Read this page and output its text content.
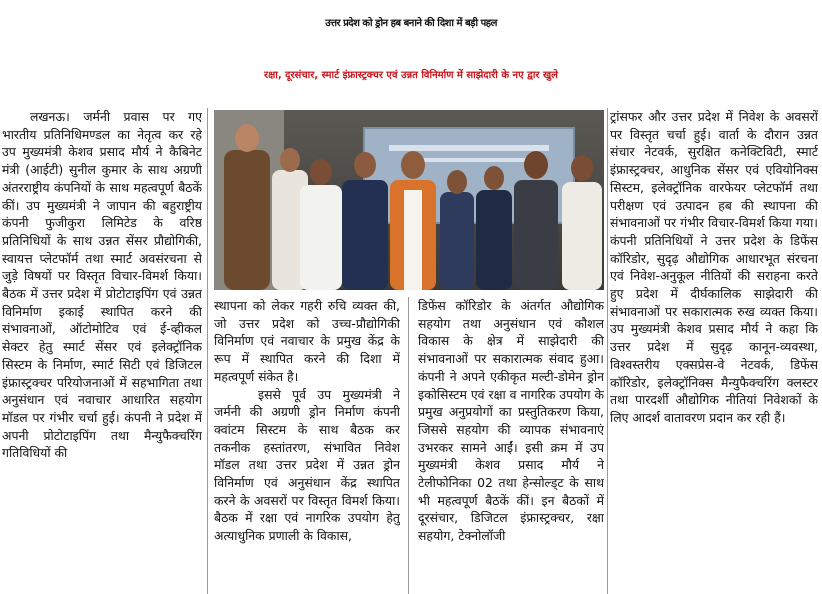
उत्तर प्रदेश को ड्रोन हब बनाने की दिशा में बड़ी पहल
रक्षा, दूरसंचार, स्मार्ट इंफ्रास्ट्रक्चर एवं उन्नत विनिर्माण में साझेदारी के नए द्वार खुले

लखनऊ। जर्मनी प्रवास पर गए भारतीय प्रतिनिधिमण्डल का नेतृत्व कर रहे उप मुख्यमंत्री केशव प्रसाद मौर्य ने कैबिनेट मंत्री (आईटी) सुनील कुमार के साथ अग्रणी अंतरराष्ट्रीय कंपनियों के साथ महत्वपूर्ण बैठकें कीं। उप मुख्यमंत्री ने जापान की बहुराष्ट्रीय कंपनी फुजीकुरा लिमिटेड के वरिष्ठ प्रतिनिधियों के साथ उन्नत सेंसर प्रौद्योगिकी, स्वायत्त प्लेटफॉर्म तथा स्मार्ट अवसंरचना से जुड़े विषयों पर विस्तृत विचार-विमर्श किया। बैठक में उत्तर प्रदेश में प्रोटोटाइपिंग एवं उन्नत विनिर्माण इकाई स्थापित करने की संभावनाओं, ऑटोमोटिव एवं ई-व्हीकल सेक्टर हेतु स्मार्ट सेंसर एवं इलेक्ट्रॉनिक सिस्टम के निर्माण, स्मार्ट सिटी एवं डिजिटल इंफ्रास्ट्रक्चर परियोजनाओं में सहभागिता तथा अनुसंधान एवं नवाचार आधारित सहयोग मॉडल पर गंभीर चर्चा हुई। कंपनी ने प्रदेश में अपनी प्रोटोटाइपिंग तथा मैन्युफैक्चरिंग गतिविधियों की

स्थापना को लेकर गहरी रुचि व्यक्त की, जो उत्तर प्रदेश को उच्च-प्रौद्योगिकी विनिर्माण एवं नवाचार के प्रमुख केंद्र के रूप में स्थापित करने की दिशा में महत्वपूर्ण संकेत है।

इससे पूर्व उप मुख्यमंत्री ने जर्मनी की अग्रणी ड्रोन निर्माण कंपनी क्वांटम सिस्टम के साथ बैठक कर तकनीक हस्तांतरण, संभावित निवेश मॉडल तथा उत्तर प्रदेश में उन्नत ड्रोन विनिर्माण एवं अनुसंधान केंद्र स्थापित करने के अवसरों पर विस्तृत विमर्श किया। बैठक में रक्षा एवं नागरिक उपयोग हेतु अत्याधुनिक प्रणाली के विकास,

डिफेंस कॉरिडोर के अंतर्गत औद्योगिक सहयोग तथा अनुसंधान एवं कौशल विकास के क्षेत्र में साझेदारी की संभावनाओं पर सकारात्मक संवाद हुआ। कंपनी ने अपने एकीकृत मल्टी-डोमेन ड्रोन इकोसिस्टम एवं रक्षा व नागरिक उपयोग के प्रमुख अनुप्रयोगों का प्रस्तुतिकरण किया, जिससे सहयोग की व्यापक संभावनाएं उभरकर सामने आईं। इसी क्रम में उप मुख्यमंत्री केशव प्रसाद मौर्य ने टेलीफोनिका 02 तथा हेन्सोल्ड्ट के साथ भी महत्वपूर्ण बैठकें कीं। इन बैठकों में दूरसंचार, डिजिटल इंफ्रास्ट्रक्चर, रक्षा सहयोग, टेक्नोलॉजी

ट्रांसफर और उत्तर प्रदेश में निवेश के अवसरों पर विस्तृत चर्चा हुई। वार्ता के दौरान उन्नत संचार नेटवर्क, सुरक्षित कनेक्टिविटी, स्मार्ट इंफ्रास्ट्रक्चर, आधुनिक सेंसर एवं एवियोनिक्स सिस्टम, इलेक्ट्रॉनिक वारफेयर प्लेटफॉर्म तथा परीक्षण एवं उत्पादन हब की स्थापना की संभावनाओं पर गंभीर विचार-विमर्श किया गया। कंपनी प्रतिनिधियों ने उत्तर प्रदेश के डिफेंस कॉरिडोर, सुदृढ़ औद्योगिक आधारभूत संरचना एवं निवेश-अनुकूल नीतियों की सराहना करते हुए प्रदेश में दीर्घकालिक साझेदारी की संभावनाओं पर सकारात्मक रुख व्यक्त किया। उप मुख्यमंत्री केशव प्रसाद मौर्य ने कहा कि उत्तर प्रदेश में सुदृढ़ कानून-व्यवस्था, विश्वस्तरीय एक्सप्रेस-वे नेटवर्क, डिफेंस कॉरिडोर, इलेक्ट्रॉनिक्स मैन्युफैक्चरिंग क्लस्टर तथा पारदर्शी औद्योगिक नीतियां निवेशकों के लिए आदर्श वातावरण प्रदान कर रही हैं।
